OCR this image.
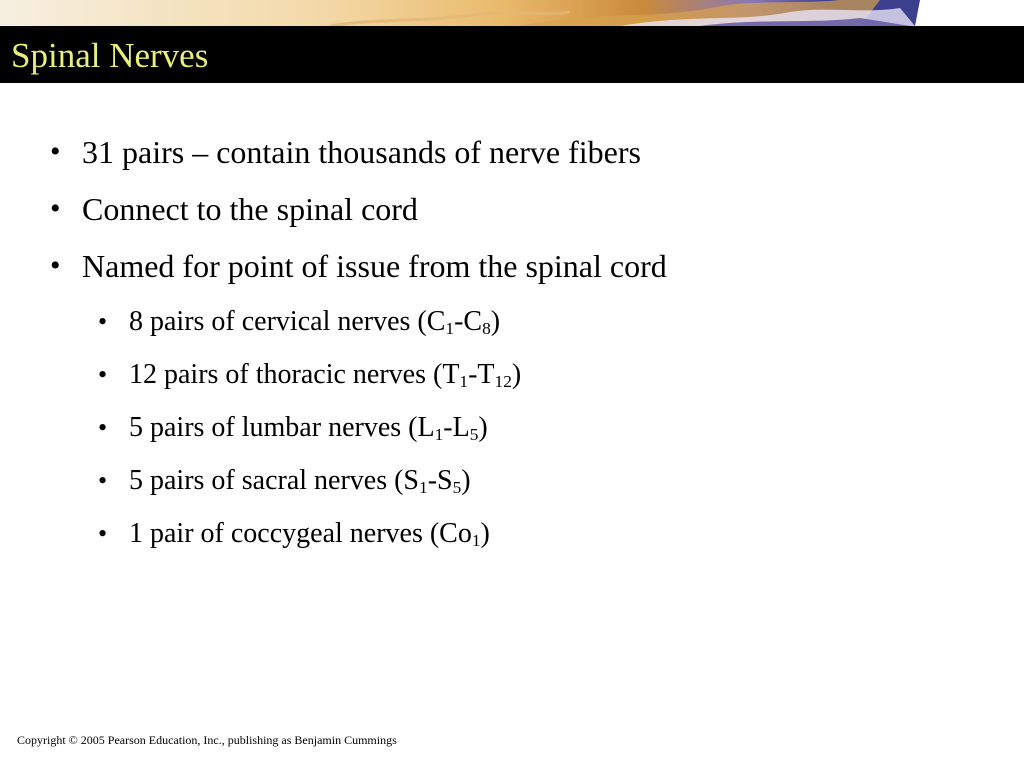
Spinal Nerves
• 31 pairs – contain thousands of nerve fibers
• Connect to the spinal cord
• Named for point of issue from the spinal cord
• 8 pairs of cervical nerves $(C_1-C_8)$
• 12 pairs of thoracic nerves $(T_1-T_{12})$
• 5 pairs of lumbar nerves $(L_1-L_5)$
• 5 pairs of sacral nerves $(S_1-S_5)$
• 1 pair of coccygeal nerves $(Co_1)$
Copyright © 2005 Pearson Education, Inc., publishing as Benjamin Cummings
